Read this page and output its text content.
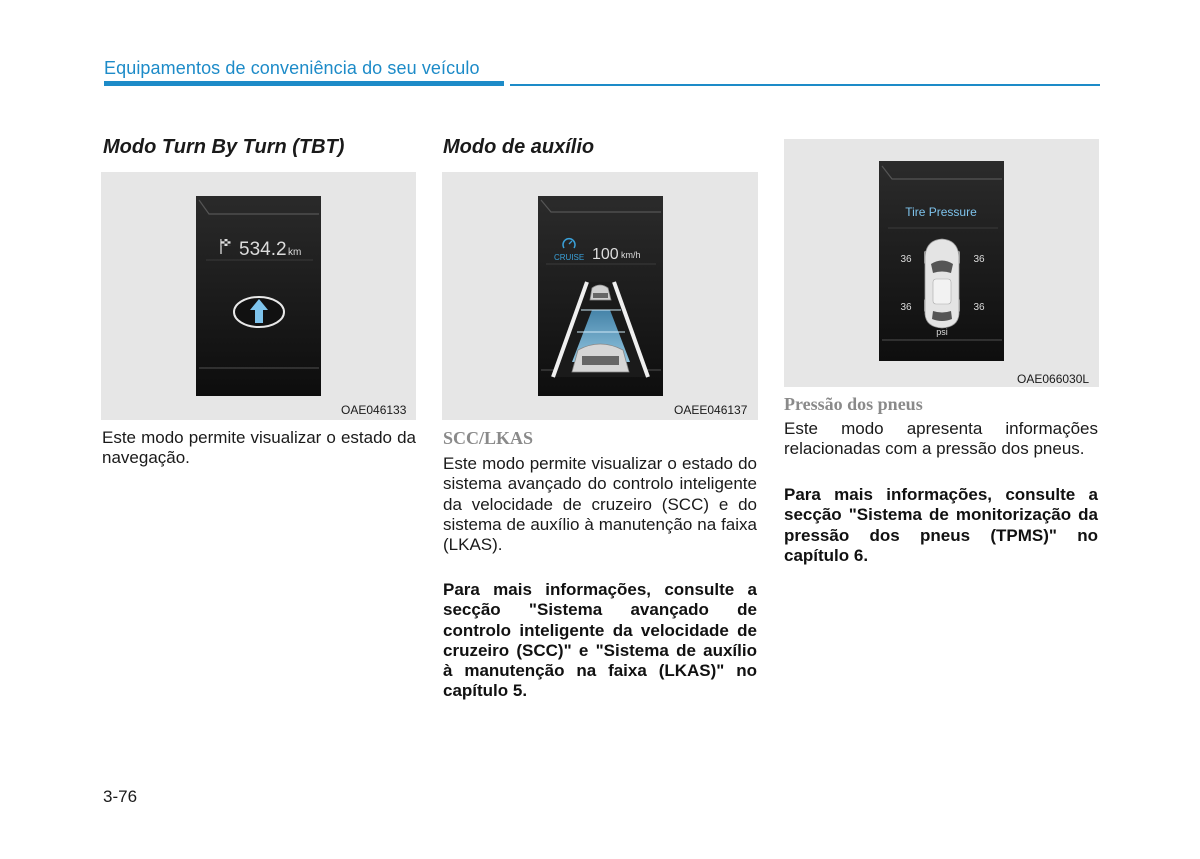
Equipamentos de conveniência do seu veículo
Modo Turn By Turn (TBT)
534.2 km
OAE046133
Este modo permite visualizar o estado da navegação.
Modo de auxílio
CRUISE 100 km/h
OAEE046137
SCC/LKAS
Este modo permite visualizar o estado do sistema avançado do controlo inteligente da velocidade de cruzeiro (SCC) e do sistema de auxílio à manutenção na faixa (LKAS).
Para mais informações, consulte a secção "Sistema avançado de controlo inteligente da velocidade de cruzeiro (SCC)" e "Sistema de auxílio à manutenção na faixa (LKAS)" no capítulo 5.
Tire Pressure
36	36
36	36
psi
OAE066030L
Pressão dos pneus
Este modo apresenta informações relacionadas com a pressão dos pneus.
Para mais informações, consulte a secção "Sistema de monitorização da pressão dos pneus (TPMS)" no capítulo 6.
3-76
